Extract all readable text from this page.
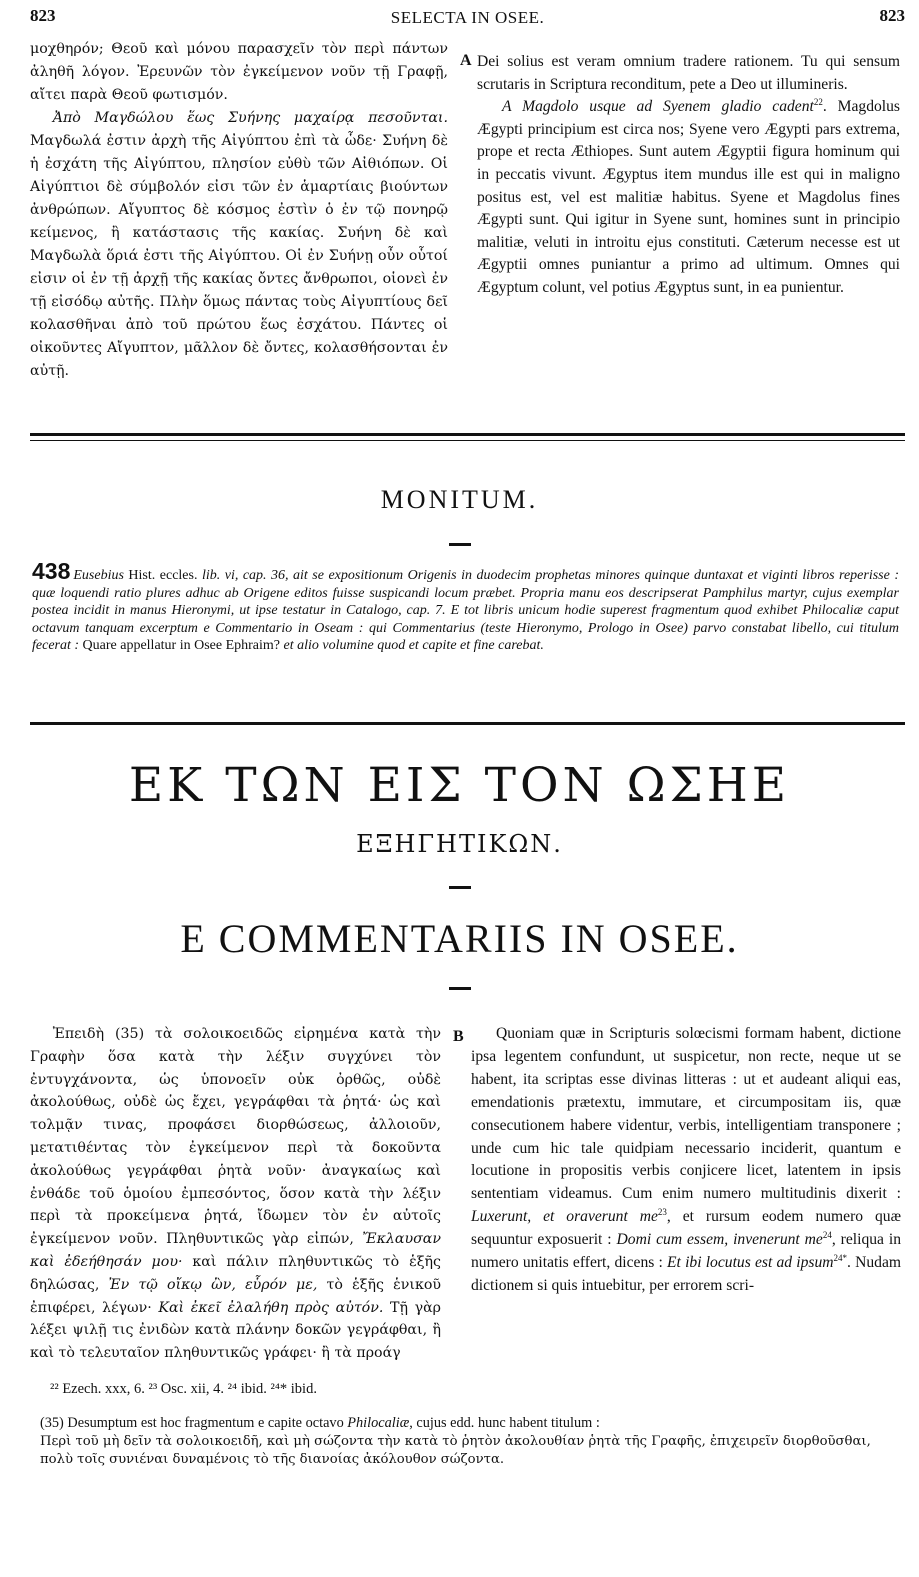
823	SELECTA IN OSEE.	823

μοχθηρόν; Θεοῦ καὶ μόνου παρασχεῖν τὸν περὶ πάντων ἀληθῆ λόγον. Ἐρευνῶν τὸν ἐγκείμενον νοῦν τῇ Γραφῇ, αἴτει παρὰ Θεοῦ φωτισμόν.

Ἀπὸ Μαγδώλου ἕως Συήνης μαχαίρᾳ πεσοῦνται. Μαγδωλά ἐστιν ἀρχὴ τῆς Αἰγύπτου ἐπὶ τὰ ὧδε· Συήνη δὲ ἡ ἐσχάτη τῆς Αἰγύπτου, πλησίον εὐθὺ τῶν Αἰθιόπων. Οἱ Αἰγύπτιοι δὲ σύμβολόν εἰσι τῶν ἐν ἁμαρτίαις βιούντων ἀνθρώπων. Αἴγυπτος δὲ κόσμος ἐστὶν ὁ ἐν τῷ πονηρῷ κείμενος, ἢ κατάστασις τῆς κακίας. Συήνη δὲ καὶ Μαγδωλὰ ὅριά ἐστι τῆς Αἰγύπτου. Οἱ ἐν Συήνῃ οὖν οὗτοί εἰσιν οἱ ἐν τῇ ἀρχῇ τῆς κακίας ὄντες ἄνθρωποι, οἱονεὶ ἐν τῇ εἰσόδῳ αὐτῆς. Πλὴν ὅμως πάντας τοὺς Αἰγυπτίους δεῖ κολασθῆναι ἀπὸ τοῦ πρώτου ἕως ἐσχάτου. Πάντες οἱ οἰκοῦντες Αἴγυπτον, μᾶλλον δὲ ὄντες, κολασθήσονται ἐν αὐτῇ.

A Dei solius est veram omnium tradere rationem. Tu qui sensum scrutaris in Scriptura reconditum, pete a Deo ut illumineris.

A Magdolo usque ad Syenem gladio cadent$^{22}$. Magdolus Ægypti principium est circa nos; Syene vero Ægypti pars extrema, prope et recta Æthiopes. Sunt autem Ægyptii figura hominum qui in peccatis vivunt. Ægyptus item mundus ille est qui in maligno positus est, vel est malitiæ habitus. Syene et Magdolus fines Ægypti sunt. Qui igitur in Syene sunt, homines sunt in principio malitiæ, veluti in introitu ejus constituti. Cæterum necesse est ut Ægyptii omnes puniantur a primo ad ultimum. Omnes qui Ægyptum colunt, vel potius Ægyptus sunt, in ea punientur.

MONITUM.
438 Eusebius Hist. eccles. lib. vi, cap. 36, ait se expositionum Origenis in duodecim prophetas minores quinque duntaxat et viginti libros reperisse : quæ loquendi ratio plures adhuc ab Origene editos fuisse suspicandi locum præbet. Propria manu eos descripserat Pamphilus martyr, cujus exemplar postea incidit in manus Hieronymi, ut ipse testatur in Catalogo, cap. 7. E tot libris unicum hodie superest fragmentum quod exhibet Philocaliæ caput octavum tanquam excerptum e Commentario in Oseam : qui Commentarius (teste Hieronymo, Prologo in Osee) parvo constabat libello, cui titulum fecerat : Quare appellatur in Osee Ephraim? et alio volumine quod et capite et fine carebat.
ΕΚ ΤΩΝ ΕΙΣ ΤΟΝ ΩΣΗΕ
ΕΞΗΓΗΤΙΚΩΝ.
E COMMENTARIIS IN OSEE.

Ἐπειδὴ (35) τὰ σολοικοειδῶς εἰρημένα κατὰ τὴν Γραφὴν ὅσα κατὰ τὴν λέξιν συγχύνει τὸν ἐντυγχάνοντα, ὡς ὑπονοεῖν οὐκ ὀρθῶς, οὐδὲ ἀκολούθως, οὐδὲ ὡς ἔχει, γεγράφθαι τὰ ῥητά· ὡς καὶ τολμᾷν τινας, προφάσει διορθώσεως, ἀλλοιοῦν, μετατιθέντας τὸν ἐγκείμενον περὶ τὰ δοκοῦντα ἀκολούθως γεγράφθαι ῥητὰ νοῦν· ἀναγκαίως καὶ ἐνθάδε τοῦ ὁμοίου ἐμπεσόντος, ὅσον κατὰ τὴν λέξιν περὶ τὰ προκείμενα ῥητά, ἴδωμεν τὸν ἐν αὐτοῖς ἐγκείμενον νοῦν. Πληθυντικῶς γὰρ εἰπών, Ἔκλαυσαν καὶ ἐδεήθησάν μου· καὶ πάλιν πληθυντικῶς τὸ ἑξῆς δηλώσας, Ἐν τῷ οἴκῳ ὢν, εὗρόν με, τὸ ἑξῆς ἑνικοῦ ἐπιφέρει, λέγων· Καὶ ἐκεῖ ἐλαλήθη πρὸς αὐτόν. Τῇ γὰρ λέξει ψιλῇ τις ἐνιδὼν κατὰ πλάνην δοκῶν γεγράφθαι, ἢ καὶ τὸ τελευταῖον πληθυντικῶς γράφει· ἢ τὰ προάγ

B	Quoniam quæ in Scripturis solœcismi formam habent, dictione ipsa legentem confundunt, ut suspicetur, non recte, neque ut se habent, ita scriptas esse divinas litteras : ut et audeant aliqui eas, emendationis prætextu, immutare, et circumpositam iis, quæ consecutionem habere videntur, verbis, intelligentiam transponere ; unde cum hic tale quidpiam necessario inciderit, quantum e locutione in propositis verbis conjicere licet, latentem in ipsis sententiam videamus. Cum enim numero multitudinis dixerit : Luxerunt, et oraverunt $me^{23}$, et rursum eodem numero quæ sequuntur exposuerit : Domi cum essem, invenerunt $me^{24}$, reliqua in numero unitatis effert, dicens : Et ibi locutus est ad ipsum$^{24*}$. Nudam dictionem si quis intuebitur, per errorem scri-

²² Ezech. xxx, 6. ²³ Osc. xii, 4. ²⁴ ibid. ²⁴* ibid.
(35) Desumptum est hoc fragmentum e capite octavo Philocaliæ, cujus edd. hunc habent titulum :
Περὶ τοῦ μὴ δεῖν τὰ σολοικοειδῆ, καὶ μὴ σώζοντα τὴν κατὰ τὸ ῥητὸν ἀκολουθίαν ῥητὰ τῆς Γραφῆς, ἐπιχειρεῖν διορθοῦσθαι, πολὺ τοῖς συνιέναι δυναμένοις τὸ τῆς διανοίας ἀκόλουθον σώζοντα.
